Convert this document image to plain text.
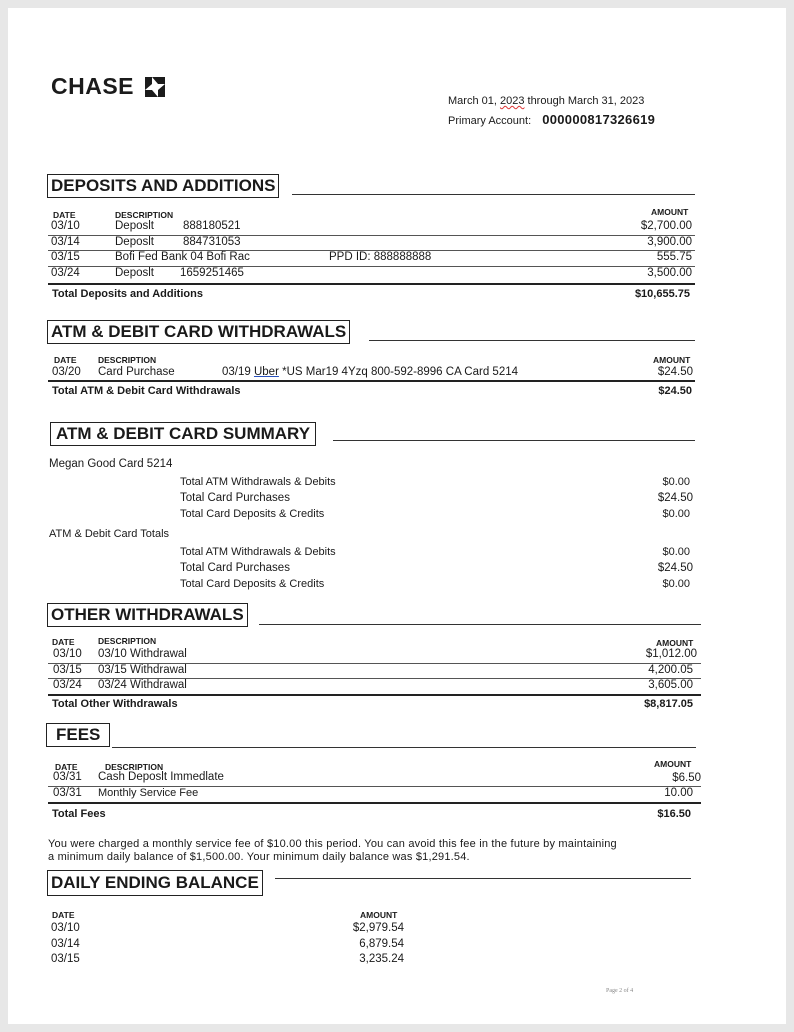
CHASE
March 01, 2023 through March 31, 2023
Primary Account: 000000817326619
DEPOSITS AND ADDITIONS
DATE	DESCRIPTION	AMOUNT
03/10	Deposlt	888180521	$2,700.00
03/14	Deposlt	884731053	3,900.00
03/15	Bofi Fed Bank 04 Bofi Rac	PPD ID: 888888888	555.75
03/24	Deposlt 1659251465	3,500.00
Total Deposits and Additions	$10,655.75
ATM & DEBIT CARD WITHDRAWALS
DATE	DESCRIPTION	AMOUNT
03/20 Card Purchase	03/19 Uber *US Mar19 4Yzq 800-592-8996 CA Card 5214	$24.50
Total ATM & Debit Card Withdrawals	$24.50
ATM & DEBIT CARD SUMMARY
Megan Good Card 5214
Total ATM Withdrawals & Debits	$0.00
Total Card Purchases	$24.50
Total Card Deposits & Credits	$0.00
ATM & Debit Card Totals
Total ATM Withdrawals & Debits	$0.00
Total Card Purchases	$24.50
Total Card Deposits & Credits	$0.00
OTHER WITHDRAWALS
DATE	DESCRIPTION	AMOUNT
03/10 03/10 Withdrawal	$1,012.00
03/15 03/15 Withdrawal	4,200.05
03/24 03/24 Withdrawal	3,605.00
Total Other Withdrawals	$8,817.05
FEES
DATE	DESCRIPTION	AMOUNT
03/31 Cash Deposlt Immedlate	$6.50
03/31 Monthly Service Fee	10.00
Total Fees	$16.50
You were charged a monthly service fee of $10.00 this period. You can avoid this fee in the future by maintaining
a minimum daily balance of $1,500.00. Your minimum daily balance was $1,291.54.
DAILY ENDING BALANCE
DATE	AMOUNT
03/10	$2,979.54
03/14	6,879.54
03/15	3,235.24
Page 2 of 4
